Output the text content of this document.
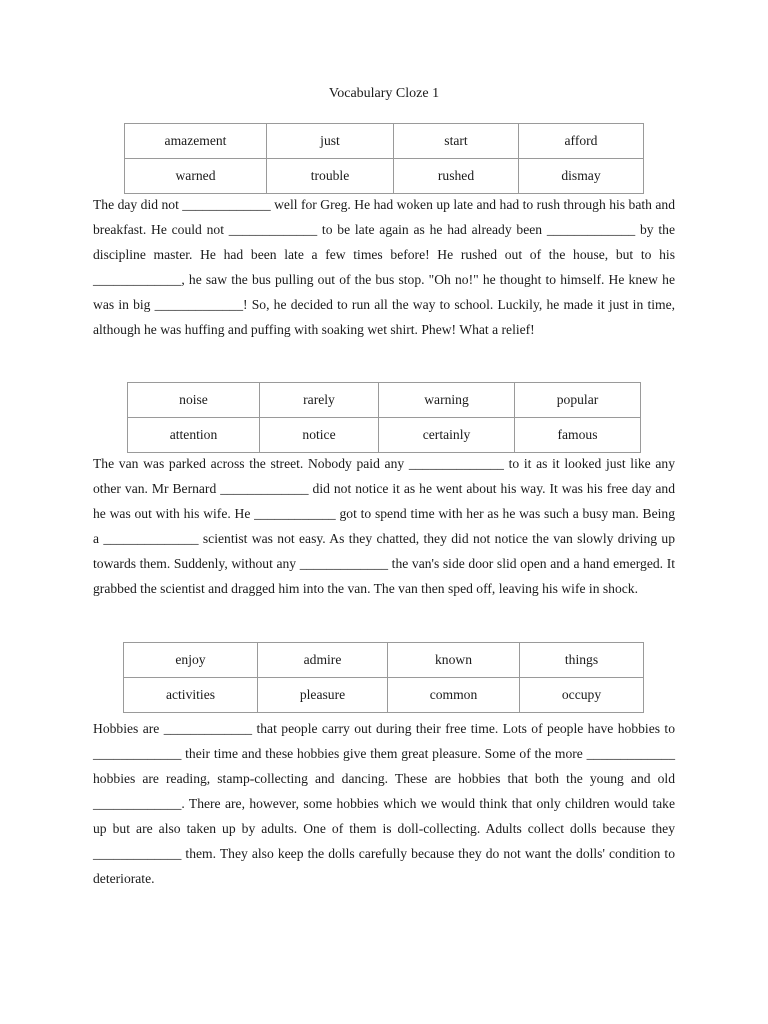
Vocabulary Cloze 1
amazement	just	start	afford
warned	trouble	rushed	dismay

The day did not _____________ well for Greg. He had woken up late and had to rush through his bath and breakfast. He could not _____________ to be late again as he had already been _____________ by the discipline master. He had been late a few times before! He rushed out of the house, but to his _____________, he saw the bus pulling out of the bus stop. "Oh no!" he thought to himself. He knew he was in big _____________! So, he decided to run all the way to school. Luckily, he made it just in time, although he was huffing and puffing with soaking wet shirt. Phew! What a relief!

noise	rarely	warning	popular
attention	notice	certainly	famous

The van was parked across the street. Nobody paid any ______________ to it as it looked just like any other van. Mr Bernard _____________ did not notice it as he went about his way. It was his free day and he was out with his wife. He ____________ got to spend time with her as he was such a busy man. Being a ______________ scientist was not easy. As they chatted, they did not notice the van slowly driving up towards them. Suddenly, without any _____________ the van's side door slid open and a hand emerged. It grabbed the scientist and dragged him into the van. The van then sped off, leaving his wife in shock.

enjoy	admire	known	things
activities	pleasure	common	occupy

Hobbies are _____________ that people carry out during their free time. Lots of people have hobbies to _____________ their time and these hobbies give them great pleasure. Some of the more _____________ hobbies are reading, stamp-collecting and dancing. These are hobbies that both the young and old _____________. There are, however, some hobbies which we would think that only children would take up but are also taken up by adults. One of them is doll-collecting. Adults collect dolls because they _____________ them. They also keep the dolls carefully because they do not want the dolls' condition to deteriorate.
